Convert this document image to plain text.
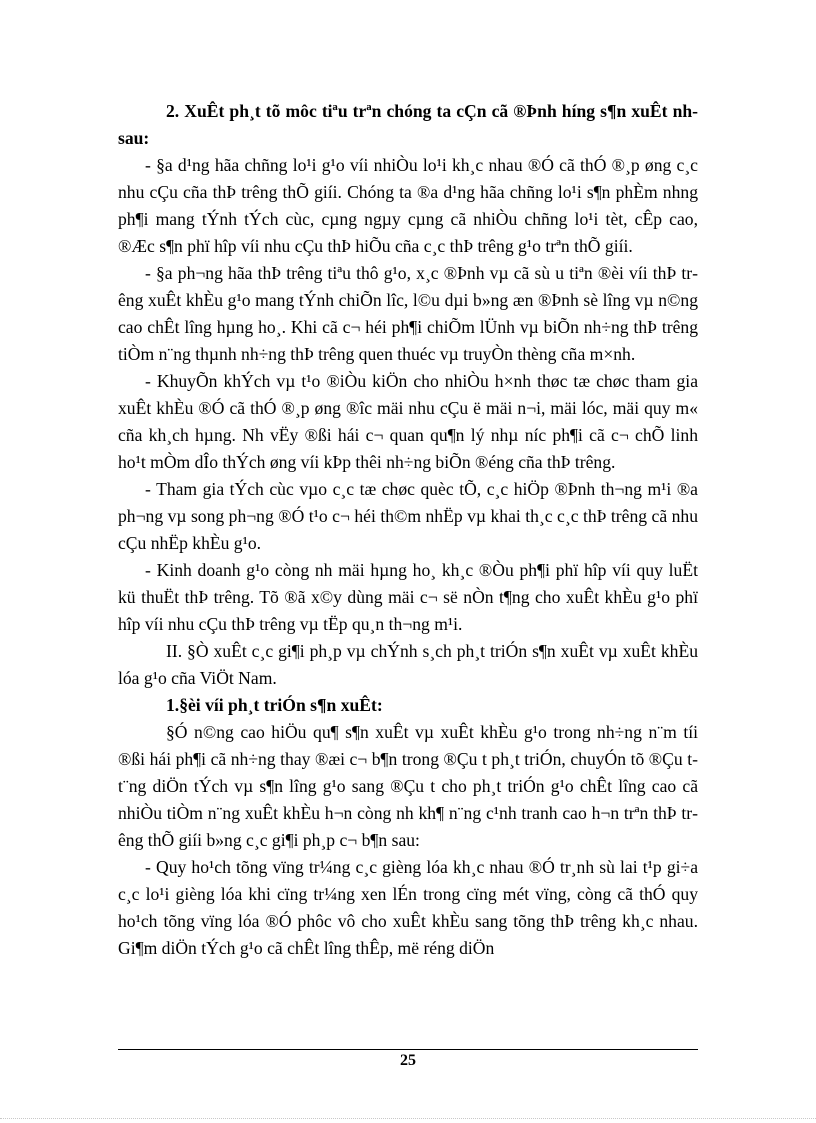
2. XuÊt ph¸t tõ môc tiªu trªn chóng ta cÇn cã ®Þnh híng s¶n xuÊt nh sau:

- §a d¹ng hãa chñng lo¹i g¹o víi nhiÒu lo¹i kh¸c nhau ®Ó cã thÓ ®¸p øng c¸c nhu cÇu cña thÞ trêng thÕ giíi. Chóng ta ®a d¹ng hãa chñng lo¹i s¶n phÈm nhng ph¶i mang tÝnh tÝch cùc, cµng ngµy cµng cã nhiÒu chñng lo¹i tèt, cÊp cao, ®Æc s¶n phï hîp víi nhu cÇu thÞ hiÕu cña c¸c thÞ trêng g¹o trªn thÕ giíi.

- §a ph¬ng hãa thÞ trêng tiªu thô g¹o, x¸c ®Þnh vµ cã sù u tiªn ®èi víi thÞ trêng xuÊt khÈu g¹o mang tÝnh chiÕn lîc, l©u dµi b»ng æn ®Þnh sè lîng vµ n©ng cao chÊt lîng hµng ho¸. Khi cã c¬ héi ph¶i chiÕm lÜnh vµ biÕn nh÷ng thÞ trêng tiÒm n¨ng thµnh nh÷ng thÞ trêng quen thuéc vµ truyÒn thèng cña m×nh.

- KhuyÕn khÝch vµ t¹o ®iÒu kiÖn cho nhiÒu h×nh thøc tæ chøc tham gia xuÊt khÈu ®Ó cã thÓ ®¸p øng ®îc mäi nhu cÇu ë mäi n¬i, mäi lóc, mäi quy m« cña kh¸ch hµng. Nh vËy ®ßi hái c¬ quan qu¶n lý nhµ níc ph¶i cã c¬ chÕ linh ho¹t mÒm dÎo thÝch øng víi kÞp thêi nh÷ng biÕn ®éng cña thÞ trêng.

- Tham gia tÝch cùc vµo c¸c tæ chøc quèc tÕ, c¸c hiÖp ®Þnh th¬ng m¹i ®a ph¬ng vµ song ph¬ng ®Ó t¹o c¬ héi th©m nhËp vµ khai th¸c c¸c thÞ trêng cã nhu cÇu nhËp khÈu g¹o.

- Kinh doanh g¹o còng nh mäi hµng ho¸ kh¸c ®Òu ph¶i phï hîp víi quy luËt kü thuËt thÞ trêng. Tõ ®ã x©y dùng mäi c¬ së nÒn t¶ng cho xuÊt khÈu g¹o phï hîp víi nhu cÇu thÞ trêng vµ tËp qu¸n th¬ng m¹i.

II. §Ò xuÊt c¸c gi¶i ph¸p vµ chÝnh s¸ch ph¸t triÓn s¶n xuÊt vµ xuÊt khÈu lóa g¹o cña ViÖt Nam.

1.§èi víi ph¸t triÓn s¶n xuÊt:

§Ó n©ng cao hiÖu qu¶ s¶n xuÊt vµ xuÊt khÈu g¹o trong nh÷ng n¨m tíi ®ßi hái ph¶i cã nh÷ng thay ®æi c¬ b¶n trong ®Çu t ph¸t triÓn, chuyÓn tõ ®Çu t t¨ng diÖn tÝch vµ s¶n lîng g¹o sang ®Çu t cho ph¸t triÓn g¹o chÊt lîng cao cã nhiÒu tiÒm n¨ng xuÊt khÈu h¬n còng nh kh¶ n¨ng c¹nh tranh cao h¬n trªn thÞ trêng thÕ giíi b»ng c¸c gi¶i ph¸p c¬ b¶n sau:

- Quy ho¹ch tõng vïng tr¼ng c¸c gièng lóa kh¸c nhau ®Ó tr¸nh sù lai t¹p gi÷a c¸c lo¹i gièng lóa khi cïng tr¼ng xen lÉn trong cïng mét vïng, còng cã thÓ quy ho¹ch tõng vïng lóa ®Ó phôc vô cho xuÊt khÈu sang tõng thÞ trêng kh¸c nhau. Gi¶m diÖn tÝch g¹o cã chÊt lîng thÊp, më réng diÖn

25
